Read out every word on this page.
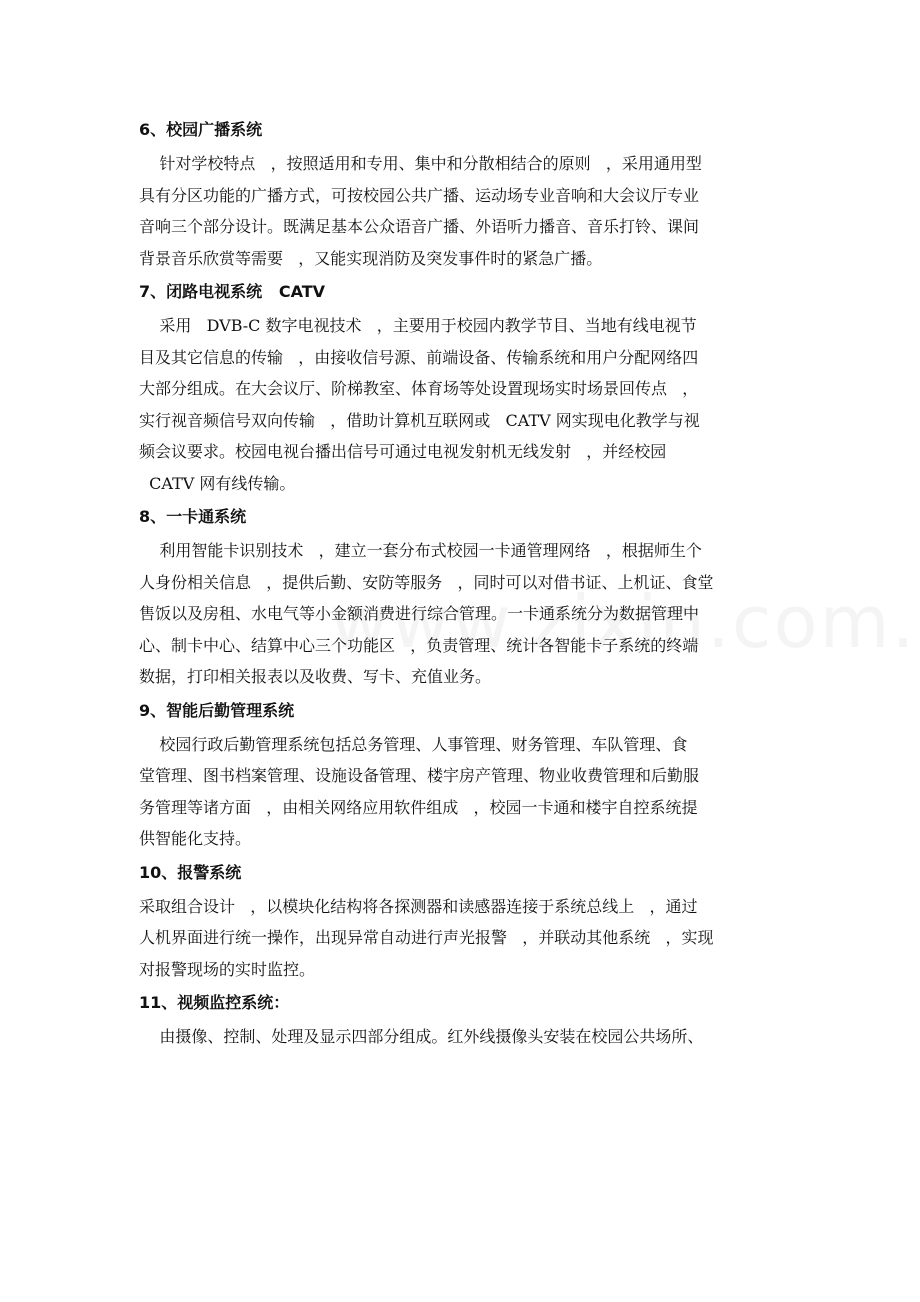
6、校园广播系统
针对学校特点   ，按照适用和专用、集中和分散相结合的原则   ，采用通用型
具有分区功能的广播方式，可按校园公共广播、运动场专业音响和大会议厅专业
音响三个部分设计。既满足基本公众语音广播、外语听力播音、音乐打铃、课间
背景音乐欣赏等需要   ，又能实现消防及突发事件时的紧急广播。
7、闭路电视系统   CATV
采用   DVB-C 数字电视技术   ，主要用于校园内教学节目、当地有线电视节
目及其它信息的传输   ，由接收信号源、前端设备、传输系统和用户分配网络四
大部分组成。在大会议厅、阶梯教室、体育场等处设置现场实时场景回传点   ，
实行视音频信号双向传输   ，借助计算机互联网或   CATV 网实现电化教学与视
频会议要求。校园电视台播出信号可通过电视发射机无线发射   ，并经校园
CATV 网有线传输。
8、一卡通系统
利用智能卡识别技术   ，建立一套分布式校园一卡通管理网络   ，根据师生个
人身份相关信息   ，提供后勤、安防等服务   ，同时可以对借书证、上机证、食堂
售饭以及房租、水电气等小金额消费进行综合管理。一卡通系统分为数据管理中
心、制卡中心、结算中心三个功能区   ，负责管理、统计各智能卡子系统的终端
数据，打印相关报表以及收费、写卡、充值业务。
9、智能后勤管理系统
校园行政后勤管理系统包括总务管理、人事管理、财务管理、车队管理、食
堂管理、图书档案管理、设施设备管理、楼宇房产管理、物业收费管理和后勤服
务管理等诸方面   ，由相关网络应用软件组成   ，校园一卡通和楼宇自控系统提
供智能化支持。
10、报警系统
采取组合设计   ，以模块化结构将各探测器和读感器连接于系统总线上   ，通过
人机界面进行统一操作，出现异常自动进行声光报警   ，并联动其他系统   ，实现
对报警现场的实时监控。
11、视频监控系统：
由摄像、控制、处理及显示四部分组成。红外线摄像头安装在校园公共场所、
